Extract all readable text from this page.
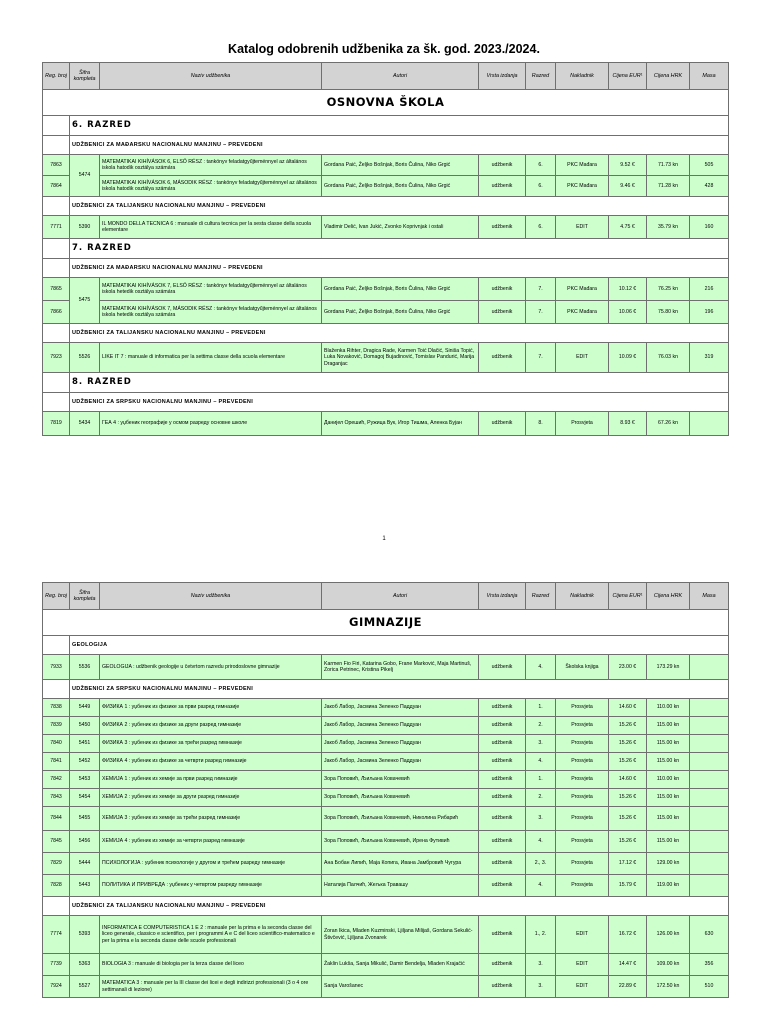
Katalog odobrenih udžbenika za šk. god. 2023./2024.
Reg. broj	Šifra kompleta	Naziv udžbenika	Autori	Vrsta izdanja	Razred	Nakladnik	Cijena EUR¹	Cijena HRK	Masa
OSNOVNA ŠKOLA									
	6. RAZRED								
	UDŽBENICI ZA MAĐARSKU NACIONALNU MANJINU – PREVEDENI								
7863	5474	MATEMATIKAI KIHÍVÁSOK 6, ELSŐ RÉSZ : tankönyv feladatgyűjteménnyel az általános iskola hatodik osztálya számára	Gordana Paić, Željko Bošnjak, Boris Čulina, Niko Grgić	udžbenik	6.	PKC Mađara	9.52 €	71.73 kn	505
7864		MATEMATIKAI KIHÍVÁSOK 6, MÁSODIK RÉSZ : tankönyv feladatgyűjteménnyel az általános iskola hatodik osztálya számára	Gordana Paić, Željko Bošnjak, Boris Čulina, Niko Grgić	udžbenik	6.	PKC Mađara	9.46 €	71.28 kn	428
	UDŽBENICI ZA TALIJANSKU NACIONALNU MANJINU – PREVEDENI								
7771	5390	IL MONDO DELLA TECNICA 6 : manuale di cultura tecnica per la sesta classe della scuola elementare	Vladimir Delić, Ivan Jukić, Zvonko Koprivnjak i ostali	udžbenik	6.	EDIT	4.75 €	35.79 kn	160
	7. RAZRED								
	UDŽBENICI ZA MAĐARSKU NACIONALNU MANJINU – PREVEDENI								
7865	5475	MATEMATIKAI KIHÍVÁSOK 7, ELSŐ RÉSZ : tankönyv feladatgyűjteménnyel az általános iskola hetedik osztálya számára	Gordana Paić, Željko Bošnjak, Boris Čulina, Niko Grgić	udžbenik	7.	PKC Mađara	10.12 €	76.25 kn	216
7866		MATEMATIKAI KIHÍVÁSOK 7, MÁSODIK RÉSZ : tankönyv feladatgyűjteménnyel az általános iskola hetedik osztálya számára	Gordana Paić, Željko Bošnjak, Boris Čulina, Niko Grgić	udžbenik	7.	PKC Mađara	10.06 €	75.80 kn	196
	UDŽBENICI ZA TALIJANSKU NACIONALNU MANJINU – PREVEDENI								
7923	5526	LIKE IT 7 : manuale di informatica per la settima classe della scuola elementare	Blaženka Rihter, Dragica Rade, Karmen Toić Dlačić, Siniša Topić, Luka Novaković, Domagoj Bujadinović, Tomislav Pandurić, Marija Draganjac	udžbenik	7.	EDIT	10.09 €	76.03 kn	319
	8. RAZRED								
	UDŽBENICI ZA SRPSKU NACIONALNU MANJINU – PREVEDENI								
7819	5434	ГЕА 4 : уџбеник географије у осмом разреду основне школе	Данијел Орешић, Ружица Вук, Игор Тишма, Аленка Бујан	udžbenik	8.	Prosvjeta	8.93 €	67.26 kn	
1
Reg. broj	Šifra kompleta	Naziv udžbenika	Autori	Vrsta izdanja	Razred	Nakladnik	Cijena EUR¹	Cijena HRK	Masa
GIMNAZIJE									
	GEOLOGIJA								
7933	5536	GEOLOGIJA : udžbenik geologije u četvrtom razredu prirodoslovne gimnazije	Karmen Fio Firi, Katarina Gobo, Frane Marković, Maja Martinuš, Zorica Petrinec, Kristina Pikelj	udžbenik	4.	Školska knjiga	23.00 €	173.29 kn	
	UDŽBENICI ZA SRPSKU NACIONALNU MANJINU – PREVEDENI								
7838	5449	ФИЗИКА 1 : уџбеник из физике за први разред гимназије	Јакоб Лабор, Јасмина Зеленко Паддуан	udžbenik	1.	Prosvjeta	14.60 €	110.00 kn	
7839	5450	ФИЗИКА 2 : уџбеник из физике за други разред гимназије	Јакоб Лабор, Јасмина Зеленко Паддуан	udžbenik	2.	Prosvjeta	15.26 €	115.00 kn	
7840	5451	ФИЗИКА 3 : уџбеник из физике за трећи разред гимназије	Јакоб Лабор, Јасмина Зеленко Паддуан	udžbenik	3.	Prosvjeta	15.26 €	115.00 kn	
7841	5452	ФИЗИКА 4 : уџбеник из физике за четврти разред гимназије	Јакоб Лабор, Јасмина Зеленко Паддуан	udžbenik	4.	Prosvjeta	15.26 €	115.00 kn	
7842	5453	ХЕМИЈА 1 : уџбеник из хемије за први разред гимназије	Зора Поповић, Љиљана Ковачевић	udžbenik	1.	Prosvjeta	14.60 €	110.00 kn	
7843	5454	ХЕМИЈА 2 : уџбеник из хемије за други разред гимназије	Зора Поповић, Љиљана Ковачевић	udžbenik	2.	Prosvjeta	15.26 €	115.00 kn	
7844	5455	ХЕМИЈА 3 : уџбеник из хемије за трећи разред гимназије	Зора Поповић, Љиљана Ковачевић, Николина Рибарић	udžbenik	3.	Prosvjeta	15.26 €	115.00 kn	
7845	5456	ХЕМИЈА 4 : уџбеник из хемије за четврти разред гимназије	Зора Поповић, Љиљана Ковачевић, Ирена Футивић	udžbenik	4.	Prosvjeta	15.26 €	115.00 kn	
7829	5444	ПСИХОЛОГИЈА : уџбеник психологије у другом и трећем разреду гимназије	Ана Бобан Липић, Маја Копига, Ивана Јамбровић Чугура	udžbenik	2., 3.	Prosvjeta	17.12 €	129.00 kn	
7828	5443	ПОЛИТИКА И ПРИВРЕДА : уџбеник у четвртом разреду гимназије	Наталија Палчић, Жељка Травашу	udžbenik	4.	Prosvjeta	15.79 €	119.00 kn	
	UDŽBENICI ZA TALIJANSKU NACIONALNU MANJINU – PREVEDENI								
7774	5393	INFORMATICA E COMPUTERISTICA 1 E 2 : manuale per la prima e la seconda classe del liceo generale, classico e scientifico, per i programmi A e C del liceo scientifico-matematico e per la prima e la seconda classe delle scuole professionali	Zoran Ikica, Mladen Kuzminski, Ljiljana Milijaš, Gordana Sekulić-Štivčević, Ljiljana Zvonarek	udžbenik	1., 2.	EDIT	16.72 €	126.00 kn	630
7739	5363	BIOLOGIA 3 : manuale di biologia per la terza classe del liceo	Žaklin Lukša, Sanja Mikulić, Damir Bendelja, Mladen Krajačić	udžbenik	3.	EDIT	14.47 €	109.00 kn	356
7924	5527	MATEMATICA 3 : manuale per la III classe dei licei e degli indirizzi professionali (3 o 4 ore settimanali di lezione)	Sanja Varošanec	udžbenik	3.	EDIT	22.89 €	172.50 kn	510
